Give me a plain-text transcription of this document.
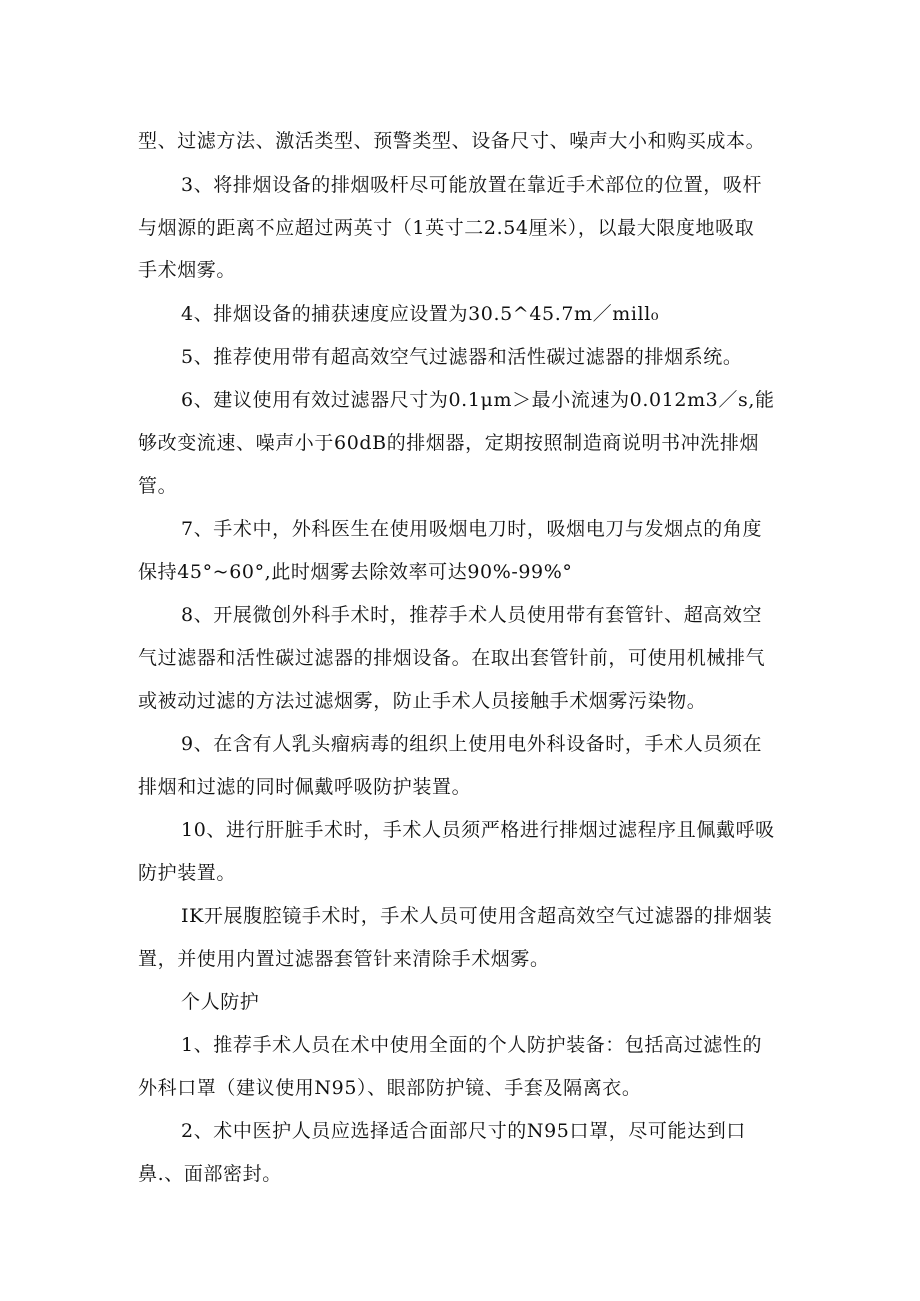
型、过滤方法、激活类型、预警类型、设备尺寸、噪声大小和购买成本。

3、将排烟设备的排烟吸杆尽可能放置在靠近手术部位的位置，吸杆

与烟源的距离不应超过两英寸（1英寸二2.54厘米），以最大限度地吸取

手术烟雾。

4、排烟设备的捕获速度应设置为30.5^45.7m／mill₀

5、推荐使用带有超高效空气过滤器和活性碳过滤器的排烟系统。

6、建议使用有效过滤器尺寸为0.1μm＞最小流速为0.012m3／s,能

够改变流速、噪声小于60dB的排烟器，定期按照制造商说明书冲洗排烟

管。

7、手术中，外科医生在使用吸烟电刀时，吸烟电刀与发烟点的角度

保持45°~60°,此时烟雾去除效率可达90%-99%°

8、开展微创外科手术时，推荐手术人员使用带有套管针、超高效空

气过滤器和活性碳过滤器的排烟设备。在取出套管针前，可使用机械排气

或被动过滤的方法过滤烟雾，防止手术人员接触手术烟雾污染物。

9、在含有人乳头瘤病毒的组织上使用电外科设备时，手术人员须在

排烟和过滤的同时佩戴呼吸防护装置。

10、进行肝脏手术时，手术人员须严格进行排烟过滤程序且佩戴呼吸

防护装置。

IK开展腹腔镜手术时，手术人员可使用含超高效空气过滤器的排烟装

置，并使用内置过滤器套管针来清除手术烟雾。

个人防护

1、推荐手术人员在术中使用全面的个人防护装备：包括高过滤性的

外科口罩（建议使用N95）、眼部防护镜、手套及隔离衣。

2、术中医护人员应选择适合面部尺寸的N95口罩，尽可能达到口

鼻.、面部密封。
